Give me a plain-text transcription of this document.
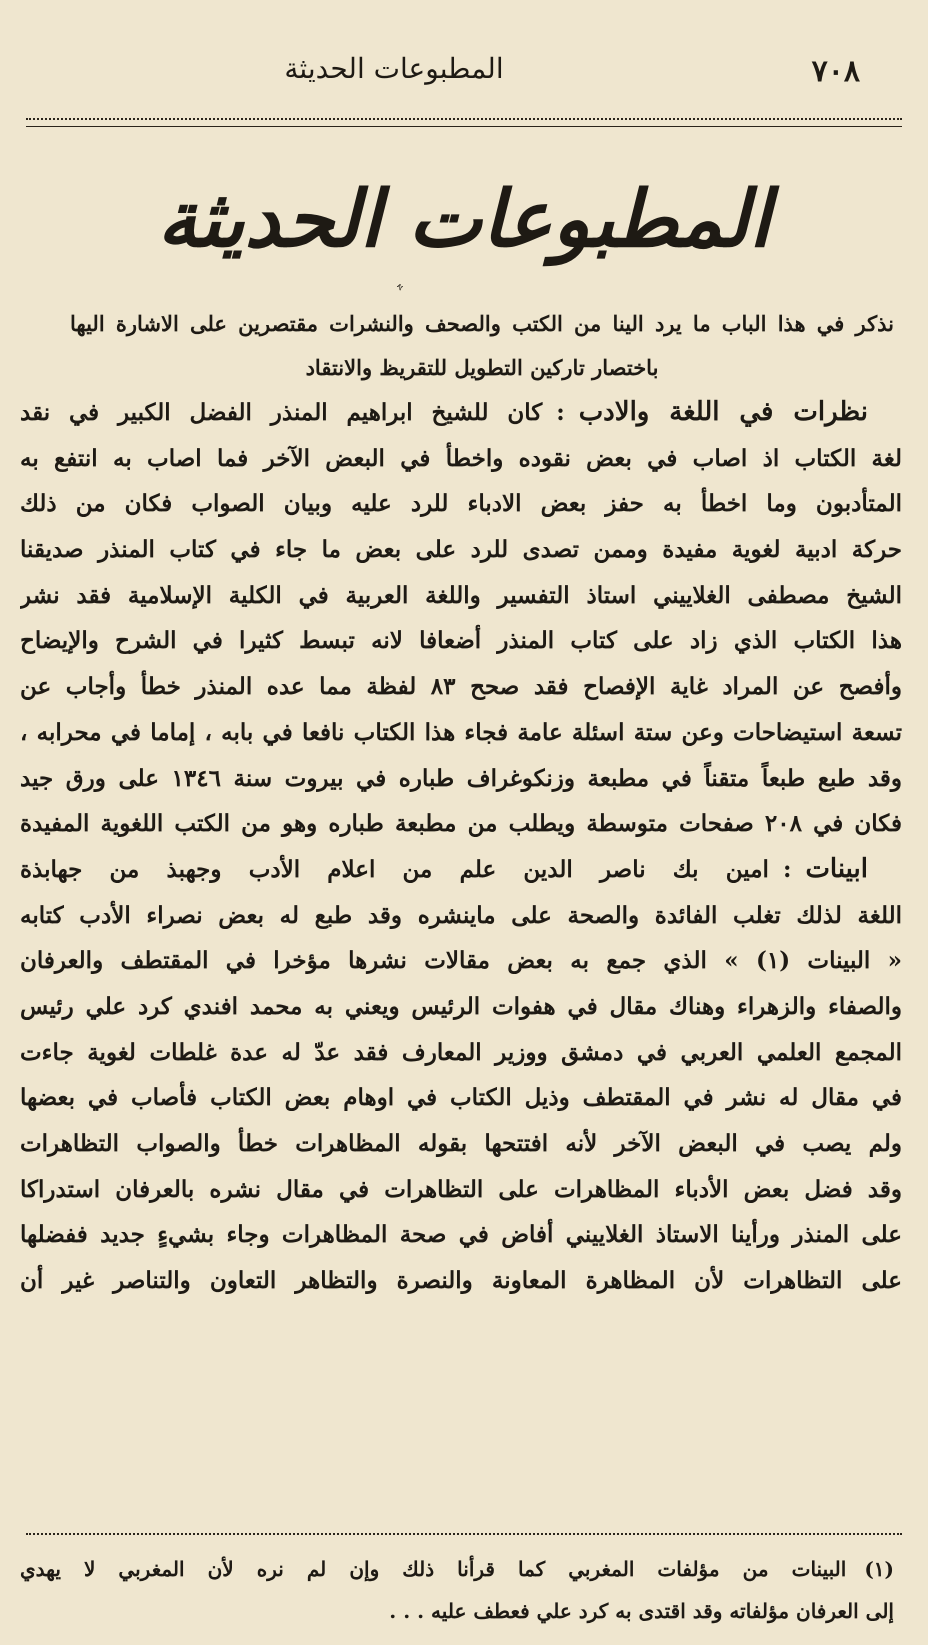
٧٠٨
المطبوعات الحديثة
المطبوعات الحديثة
ﮩ
نذكر في هذا الباب ما يرد الينا من الكتب والصحف والنشرات مقتصرين على الاشارة اليها باختصار تاركين التطويل للتقريظ والانتقاد
نظرات في اللغة والادب:كان للشيخ ابراهيم المنذر الفضل الكبير في نقد
لغة الكتاب اذ اصاب في بعض نقوده واخطأ في البعض الآخر فما اصاب به انتفع به
المتأدبون وما اخطأ به حفز بعض الادباء للرد عليه وبيان الصواب فكان من ذلك
حركة ادبية لغوية مفيدة وممن تصدى للرد على بعض ما جاء في كتاب المنذر صديقنا
الشيخ مصطفى الغلاييني استاذ التفسير واللغة العربية في الكلية الإسلامية فقد نشر
هذا الكتاب الذي زاد على كتاب المنذر أضعافا لانه تبسط كثيرا في الشرح والإيضاح
وأفصح عن المراد غاية الإفصاح فقد صحح ٨٣ لفظة مما عده المنذر خطأ وأجاب عن
تسعة استيضاحات وعن ستة اسئلة عامة فجاء هذا الكتاب نافعا في بابه ، إماما في محرابه ،
وقد طبع طبعاً متقناً في مطبعة وزنكوغراف طباره في بيروت سنة ١٣٤٦ على ورق جيد
فكان في ٢٠٨ صفحات متوسطة ويطلب من مطبعة طباره وهو من الكتب اللغوية المفيدة
ابينات:امين بك ناصر الدين علم من اعلام الأدب وجهبذ من جهابذة
اللغة لذلك تغلب الفائدة والصحة على ماينشره وقد طبع له بعض نصراء الأدب كتابه
« البينات (١) » الذي جمع به بعض مقالات نشرها مؤخرا في المقتطف والعرفان
والصفاء والزهراء وهناك مقال في هفوات الرئيس ويعني به محمد افندي كرد علي رئيس
المجمع العلمي العربي في دمشق ووزير المعارف فقد عدّ له عدة غلطات لغوية جاءت
في مقال له نشر في المقتطف وذيل الكتاب في اوهام بعض الكتاب فأصاب في بعضها
ولم يصب في البعض الآخر لأنه افتتحها بقوله المظاهرات خطأ والصواب التظاهرات
وقد فضل بعض الأدباء المظاهرات على التظاهرات في مقال نشره بالعرفان استدراكا
على المنذر ورأينا الاستاذ الغلاييني أفاض في صحة المظاهرات وجاء بشيءٍ جديد ففضلها
على التظاهرات لأن المظاهرة المعاونة والنصرة والتظاهر التعاون والتناصر غير أن
(١)البينات من مؤلفات المغربي كما قرأنا ذلك وإن لم نره لأن المغربي لا يهدي
إلى العرفان مؤلفاته وقد اقتدى به كرد علي فعطف عليه . . .
